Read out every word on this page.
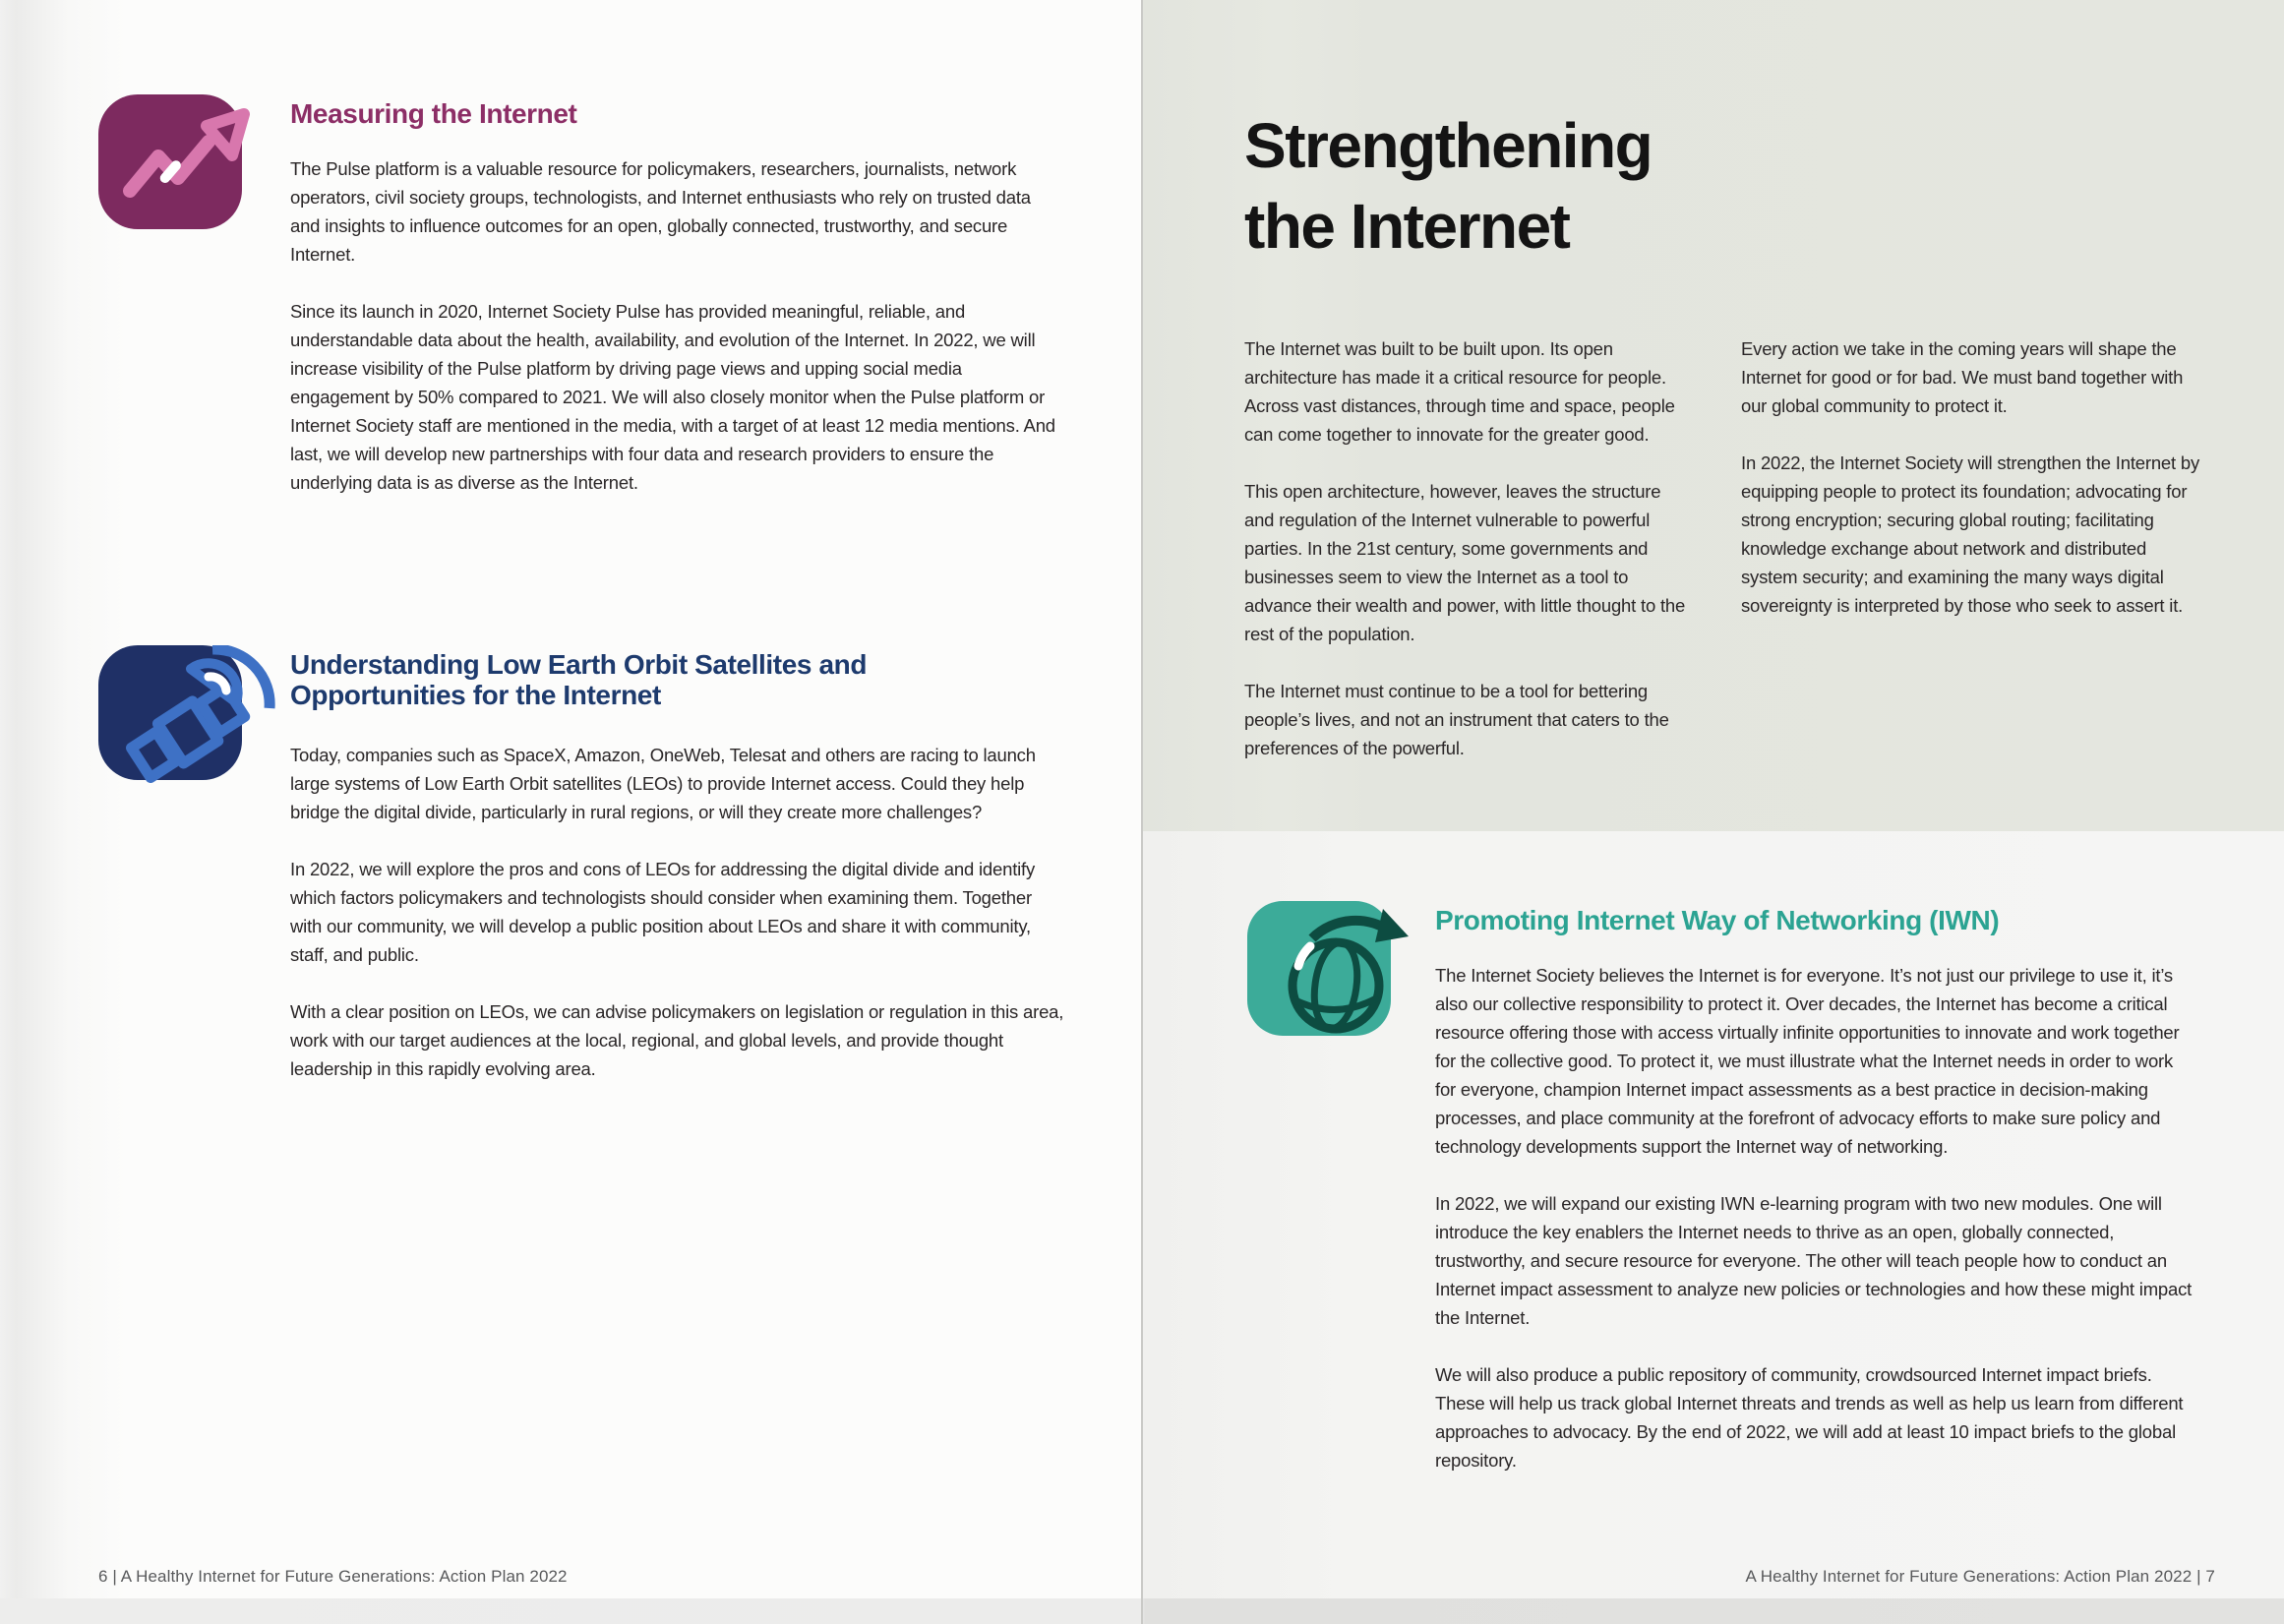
Measuring the Internet

The Pulse platform is a valuable resource for policymakers, researchers, journalists, network operators, civil society groups, technologists, and Internet enthusiasts who rely on trusted data and insights to influence outcomes for an open, globally connected, trustworthy, and secure Internet.

Since its launch in 2020, Internet Society Pulse has provided meaningful, reliable, and understandable data about the health, availability, and evolution of the Internet. In 2022, we will increase visibility of the Pulse platform by driving page views and upping social media engagement by 50% compared to 2021. We will also closely monitor when the Pulse platform or Internet Society staff are mentioned in the media, with a target of at least 12 media mentions. And last, we will develop new partnerships with four data and research providers to ensure the underlying data is as diverse as the Internet.

Understanding Low Earth Orbit Satellites and Opportunities for the Internet

Today, companies such as SpaceX, Amazon, OneWeb, Telesat and others are racing to launch large systems of Low Earth Orbit satellites (LEOs) to provide Internet access. Could they help bridge the digital divide, particularly in rural regions, or will they create more challenges?

In 2022, we will explore the pros and cons of LEOs for addressing the digital divide and identify which factors policymakers and technologists should consider when examining them. Together with our community, we will develop a public position about LEOs and share it with community, staff, and public.

With a clear position on LEOs, we can advise policymakers on legislation or regulation in this area, work with our target audiences at the local, regional, and global levels, and provide thought leadership in this rapidly evolving area.

6 | A Healthy Internet for Future Generations: Action Plan 2022
Strengthening
the Internet

The Internet was built to be built upon. Its open architecture has made it a critical resource for people. Across vast distances, through time and space, people can come together to innovate for the greater good.

This open architecture, however, leaves the structure and regulation of the Internet vulnerable to powerful parties. In the 21st century, some governments and businesses seem to view the Internet as a tool to advance their wealth and power, with little thought to the rest of the population.

The Internet must continue to be a tool for bettering people’s lives, and not an instrument that caters to the preferences of the powerful.

Every action we take in the coming years will shape the Internet for good or for bad. We must band together with our global community to protect it.

In 2022, the Internet Society will strengthen the Internet by equipping people to protect its foundation; advocating for strong encryption; securing global routing; facilitating knowledge exchange about network and distributed system security; and examining the many ways digital sovereignty is interpreted by those who seek to assert it.

Promoting Internet Way of Networking (IWN)

The Internet Society believes the Internet is for everyone. It’s not just our privilege to use it, it’s also our collective responsibility to protect it. Over decades, the Internet has become a critical resource offering those with access virtually infinite opportunities to innovate and work together for the collective good. To protect it, we must illustrate what the Internet needs in order to work for everyone, champion Internet impact assessments as a best practice in decision-making processes, and place community at the forefront of advocacy efforts to make sure policy and technology developments support the Internet way of networking.

In 2022, we will expand our existing IWN e-learning program with two new modules. One will introduce the key enablers the Internet needs to thrive as an open, globally connected, trustworthy, and secure resource for everyone. The other will teach people how to conduct an Internet impact assessment to analyze new policies or technologies and how these might impact the Internet.

We will also produce a public repository of community, crowdsourced Internet impact briefs. These will help us track global Internet threats and trends as well as help us learn from different approaches to advocacy. By the end of 2022, we will add at least 10 impact briefs to the global repository.

A Healthy Internet for Future Generations: Action Plan 2022 | 7
